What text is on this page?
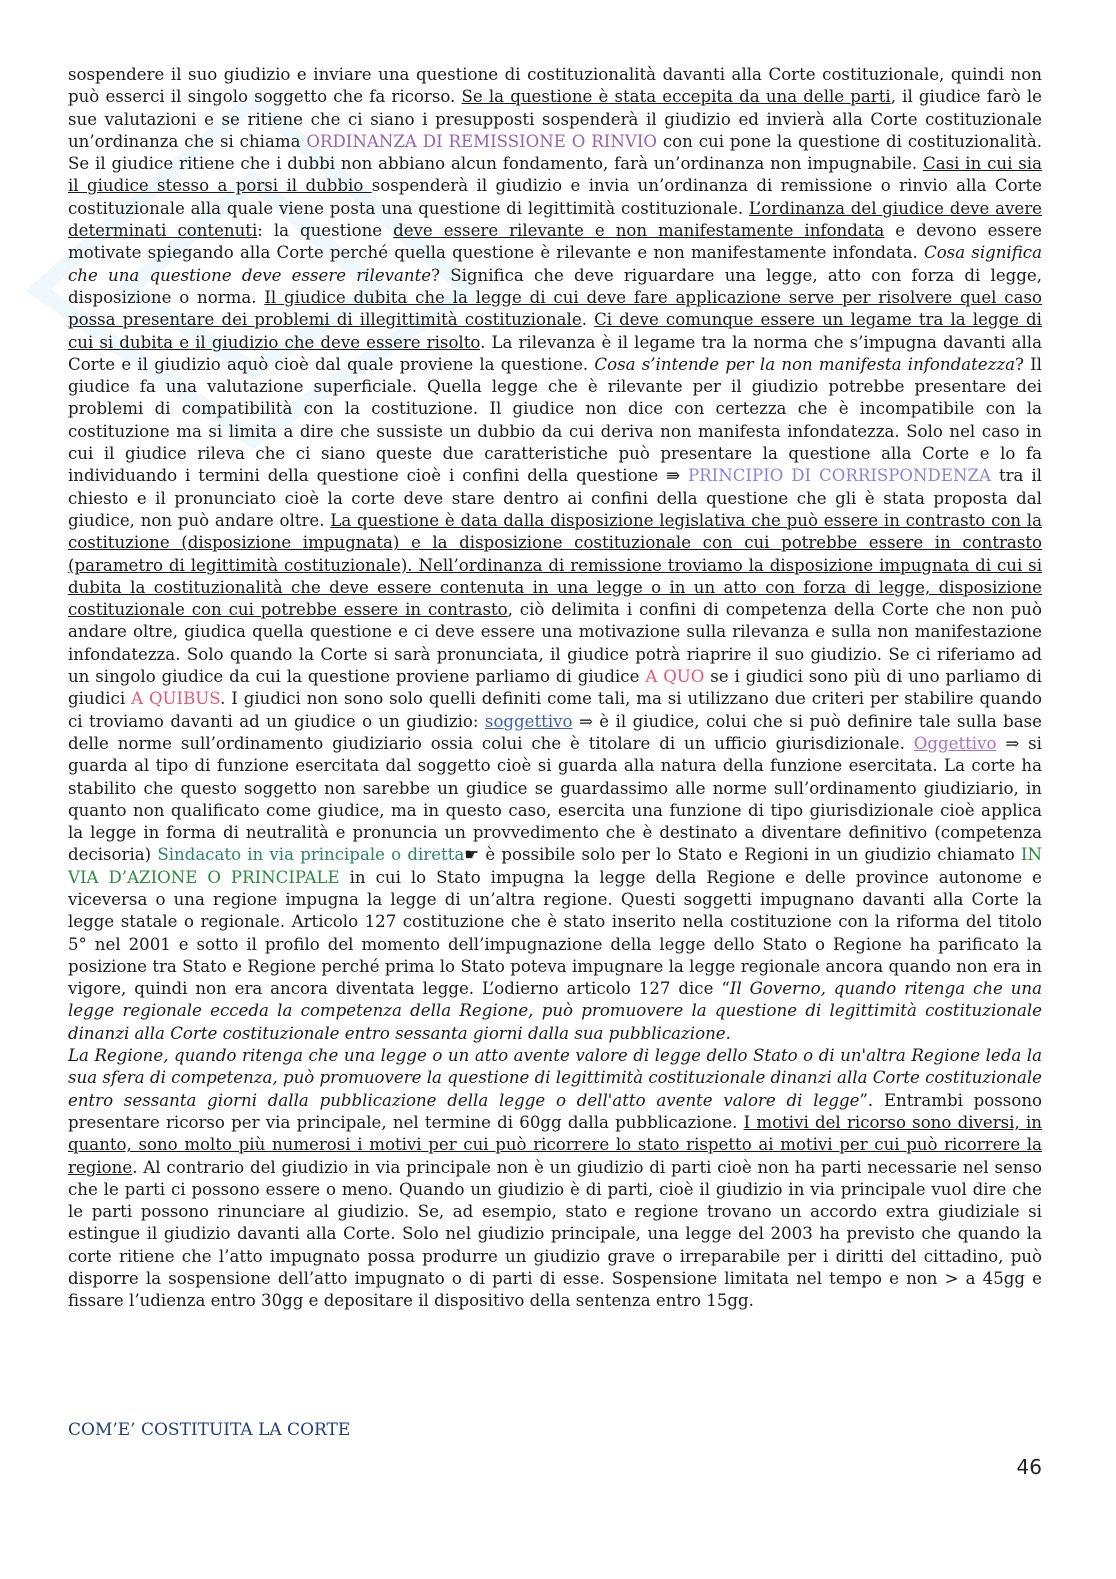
sospendere il suo giudizio e inviare una questione di costituzionalità davanti alla Corte costituzionale, quindi non può esserci il singolo soggetto che fa ricorso. Se la questione è stata eccepita da una delle parti, il giudice farò le sue valutazioni e se ritiene che ci siano i presupposti sospenderà il giudizio ed invierà alla Corte costituzionale un’ordinanza che si chiama ORDINANZA DI REMISSIONE O RINVIO con cui pone la questione di costituzionalità. Se il giudice ritiene che i dubbi non abbiano alcun fondamento, farà un’ordinanza non impugnabile. Casi in cui sia il giudice stesso a porsi il dubbio sospenderà il giudizio e invia un’ordinanza di remissione o rinvio alla Corte costituzionale alla quale viene posta una questione di legittimità costituzionale. L’ordinanza del giudice deve avere determinati contenuti: la questione deve essere rilevante e non manifestamente infondata e devono essere motivate spiegando alla Corte perché quella questione è rilevante e non manifestamente infondata. Cosa significa che una questione deve essere rilevante? Significa che deve riguardare una legge, atto con forza di legge, disposizione o norma. Il giudice dubita che la legge di cui deve fare applicazione serve per risolvere quel caso possa presentare dei problemi di illegittimità costituzionale. Ci deve comunque essere un legame tra la legge di cui si dubita e il giudizio che deve essere risolto. La rilevanza è il legame tra la norma che s’impugna davanti alla Corte e il giudizio aquò cioè dal quale proviene la questione. Cosa s’intende per la non manifesta infondatezza? Il giudice fa una valutazione superficiale. Quella legge che è rilevante per il giudizio potrebbe presentare dei problemi di compatibilità con la costituzione. Il giudice non dice con certezza che è incompatibile con la costituzione ma si limita a dire che sussiste un dubbio da cui deriva non manifesta infondatezza. Solo nel caso in cui il giudice rileva che ci siano queste due caratteristiche può presentare la questione alla Corte e lo fa individuando i termini della questione cioè i confini della questione ⇛ PRINCIPIO DI CORRISPONDENZA tra il chiesto e il pronunciato cioè la corte deve stare dentro ai confini della questione che gli è stata proposta dal giudice, non può andare oltre. La questione è data dalla disposizione legislativa che può essere in contrasto con la costituzione (disposizione impugnata) e la disposizione costituzionale con cui potrebbe essere in contrasto (parametro di legittimità costituzionale). Nell’ordinanza di remissione troviamo la disposizione impugnata di cui si dubita la costituzionalità che deve essere contenuta in una legge o in un atto con forza di legge, disposizione costituzionale con cui potrebbe essere in contrasto, ciò delimita i confini di competenza della Corte che non può andare oltre, giudica quella questione e ci deve essere una motivazione sulla rilevanza e sulla non manifestazione infondatezza. Solo quando la Corte si sarà pronunciata, il giudice potrà riaprire il suo giudizio. Se ci riferiamo ad un singolo giudice da cui la questione proviene parliamo di giudice A QUO se i giudici sono più di uno parliamo di giudici A QUIBUS. I giudici non sono solo quelli definiti come tali, ma si utilizzano due criteri per stabilire quando ci troviamo davanti ad un giudice o un giudizio: soggettivo ⇒ è il giudice, colui che si può definire tale sulla base delle norme sull’ordinamento giudiziario ossia colui che è titolare di un ufficio giurisdizionale. Oggettivo ⇒ si guarda al tipo di funzione esercitata dal soggetto cioè si guarda alla natura della funzione esercitata. La corte ha stabilito che questo soggetto non sarebbe un giudice se guardassimo alle norme sull’ordinamento giudiziario, in quanto non qualificato come giudice, ma in questo caso, esercita una funzione di tipo giurisdizionale cioè applica la legge in forma di neutralità e pronuncia un provvedimento che è destinato a diventare definitivo (competenza decisoria) Sindacato in via principale o diretta☛ è possibile solo per lo Stato e Regioni in un giudizio chiamato IN VIA D’AZIONE O PRINCIPALE in cui lo Stato impugna la legge della Regione e delle province autonome e viceversa o una regione impugna la legge di un’altra regione. Questi soggetti impugnano davanti alla Corte la legge statale o regionale. Articolo 127 costituzione che è stato inserito nella costituzione con la riforma del titolo 5° nel 2001 e sotto il profilo del momento dell’impugnazione della legge dello Stato o Regione ha parificato la posizione tra Stato e Regione perché prima lo Stato poteva impugnare la legge regionale ancora quando non era in vigore, quindi non era ancora diventata legge. L’odierno articolo 127 dice “Il Governo, quando ritenga che una legge regionale ecceda la competenza della Regione, può promuovere la questione di legittimità costituzionale dinanzi alla Corte costituzionale entro sessanta giorni dalla sua pubblicazione.

La Regione, quando ritenga che una legge o un atto avente valore di legge dello Stato o di un'altra Regione leda la sua sfera di competenza, può promuovere la questione di legittimità costituzionale dinanzi alla Corte costituzionale entro sessanta giorni dalla pubblicazione della legge o dell'atto avente valore di legge”. Entrambi possono presentare ricorso per via principale, nel termine di 60gg dalla pubblicazione. I motivi del ricorso sono diversi, in quanto, sono molto più numerosi i motivi per cui può ricorrere lo stato rispetto ai motivi per cui può ricorrere la regione. Al contrario del giudizio in via principale non è un giudizio di parti cioè non ha parti necessarie nel senso che le parti ci possono essere o meno. Quando un giudizio è di parti, cioè il giudizio in via principale vuol dire che le parti possono rinunciare al giudizio. Se, ad esempio, stato e regione trovano un accordo extra giudiziale si estingue il giudizio davanti alla Corte. Solo nel giudizio principale, una legge del 2003 ha previsto che quando la corte ritiene che l’atto impugnato possa produrre un giudizio grave o irreparabile per i diritti del cittadino, può disporre la sospensione dell’atto impugnato o di parti di esse. Sospensione limitata nel tempo e non > a 45gg e fissare l’udienza entro 30gg e depositare il dispositivo della sentenza entro 15gg.

COM’E’ COSTITUITA LA CORTE
46
